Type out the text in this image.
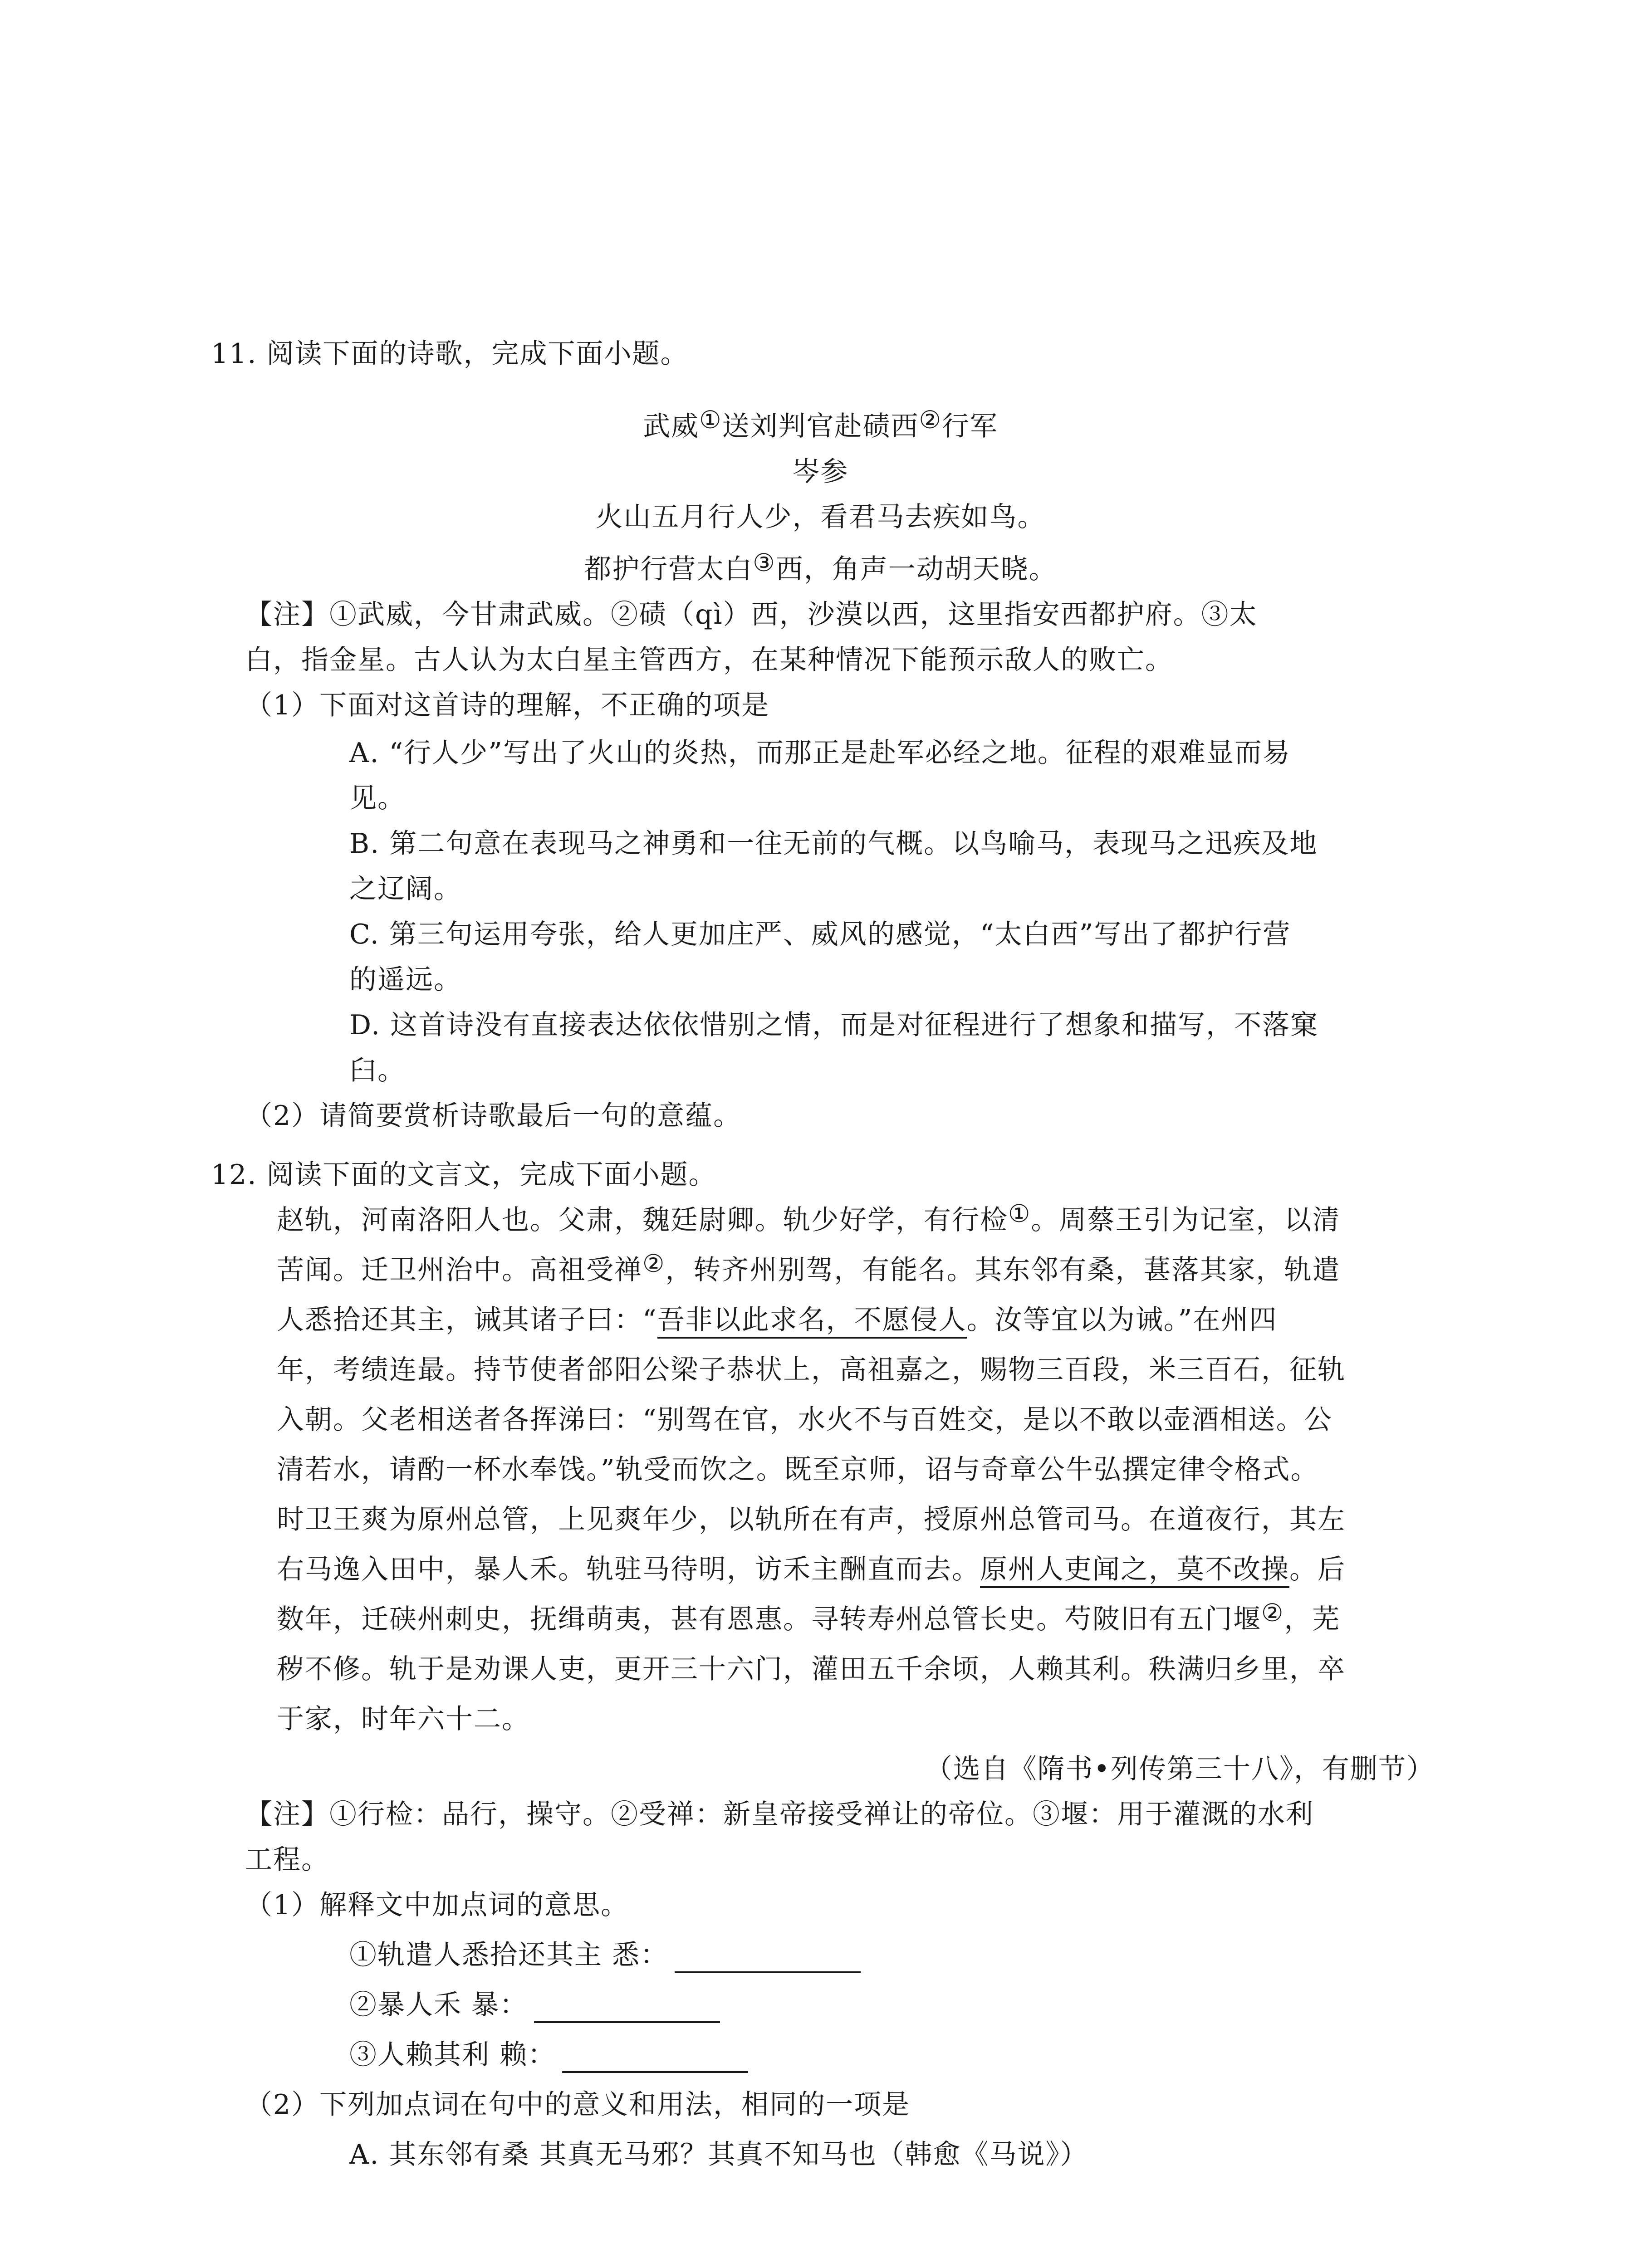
11. 阅读下面的诗歌，完成下面小题。
武威①送刘判官赴碛西②行军
岑参
火山五月行人少，看君马去疾如鸟。
都护行营太白③西，角声一动胡天晓。
【注】①武威，今甘肃武威。②碛（qì）西，沙漠以西，这里指安西都护府。③太
白，指金星。古人认为太白星主管西方，在某种情况下能预示敌人的败亡。
（1）下面对这首诗的理解，不正确的项是
A. “行人少”写出了火山的炎热，而那正是赴军必经之地。征程的艰难显而易
见。
B. 第二句意在表现马之神勇和一往无前的气概。以鸟喻马，表现马之迅疾及地
之辽阔。
C. 第三句运用夸张，给人更加庄严、威风的感觉，“太白西”写出了都护行营
的遥远。
D. 这首诗没有直接表达依依惜别之情，而是对征程进行了想象和描写，不落窠
臼。
（2）请简要赏析诗歌最后一句的意蕴。
12. 阅读下面的文言文，完成下面小题。
赵轨，河南洛阳人也。父肃，魏廷尉卿。轨少好学，有行检①。周蔡王引为记室，以清
苦闻。迁卫州治中。高祖受禅②，转齐州别驾，有能名。其东邻有桑，葚落其家，轨遣
人悉拾还其主，诫其诸子曰：“吾非以此求名，不愿侵人。汝等宜以为诫。”在州四
年，考绩连最。持节使者郃阳公梁子恭状上，高祖嘉之，赐物三百段，米三百石，征轨
入朝。父老相送者各挥涕曰：“别驾在官，水火不与百姓交，是以不敢以壶酒相送。公
清若水，请酌一杯水奉饯。”轨受而饮之。既至京师，诏与奇章公牛弘撰定律令格式。
时卫王爽为原州总管，上见爽年少，以轨所在有声，授原州总管司马。在道夜行，其左
右马逸入田中，暴人禾。轨驻马待明，访禾主酬直而去。原州人吏闻之，莫不改操。后
数年，迁硖州刺史，抚缉萌夷，甚有恩惠。寻转寿州总管长史。芍陂旧有五门堰②，芜
秽不修。轨于是劝课人吏，更开三十六门，灌田五千余顷，人赖其利。秩满归乡里，卒
于家，时年六十二。
（选自《隋书•列传第三十八》，有删节）
【注】①行检：品行，操守。②受禅：新皇帝接受禅让的帝位。③堰：用于灌溉的水利
工程。
（1）解释文中加点词的意思。
①轨遣人悉拾还其主 悉：
②暴人禾 暴：
③人赖其利 赖：
（2）下列加点词在句中的意义和用法，相同的一项是
A. 其东邻有桑 其真无马邪？其真不知马也（韩愈《马说》）
